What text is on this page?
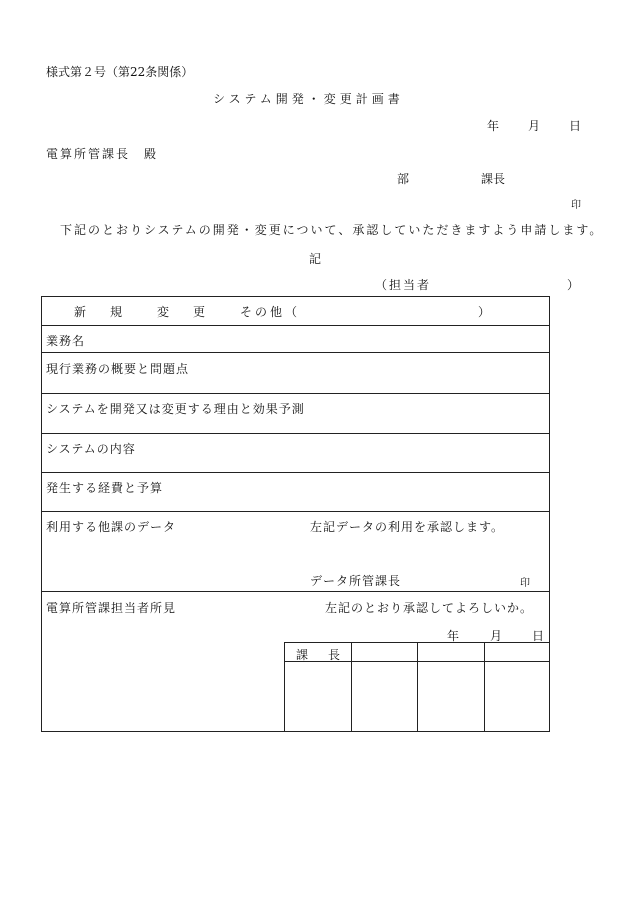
様式第２号（第22条関係）
システム開発・変更計画書
年 月 日
電算所管課長　殿
部	課長
印
下記のとおりシステムの開発・変更について、承認していただきますよう申請します。
記
（担当者	）
新　規 変　更 その他（	）
業務名
現行業務の概要と問題点
システムを開発又は変更する理由と効果予測
システムの内容
発生する経費と予算
利用する他課のデータ	左記データの利用を承認します。
データ所管課長	印
電算所管課担当者所見	左記のとおり承認してよろしいか。
年 月 日
課　長
